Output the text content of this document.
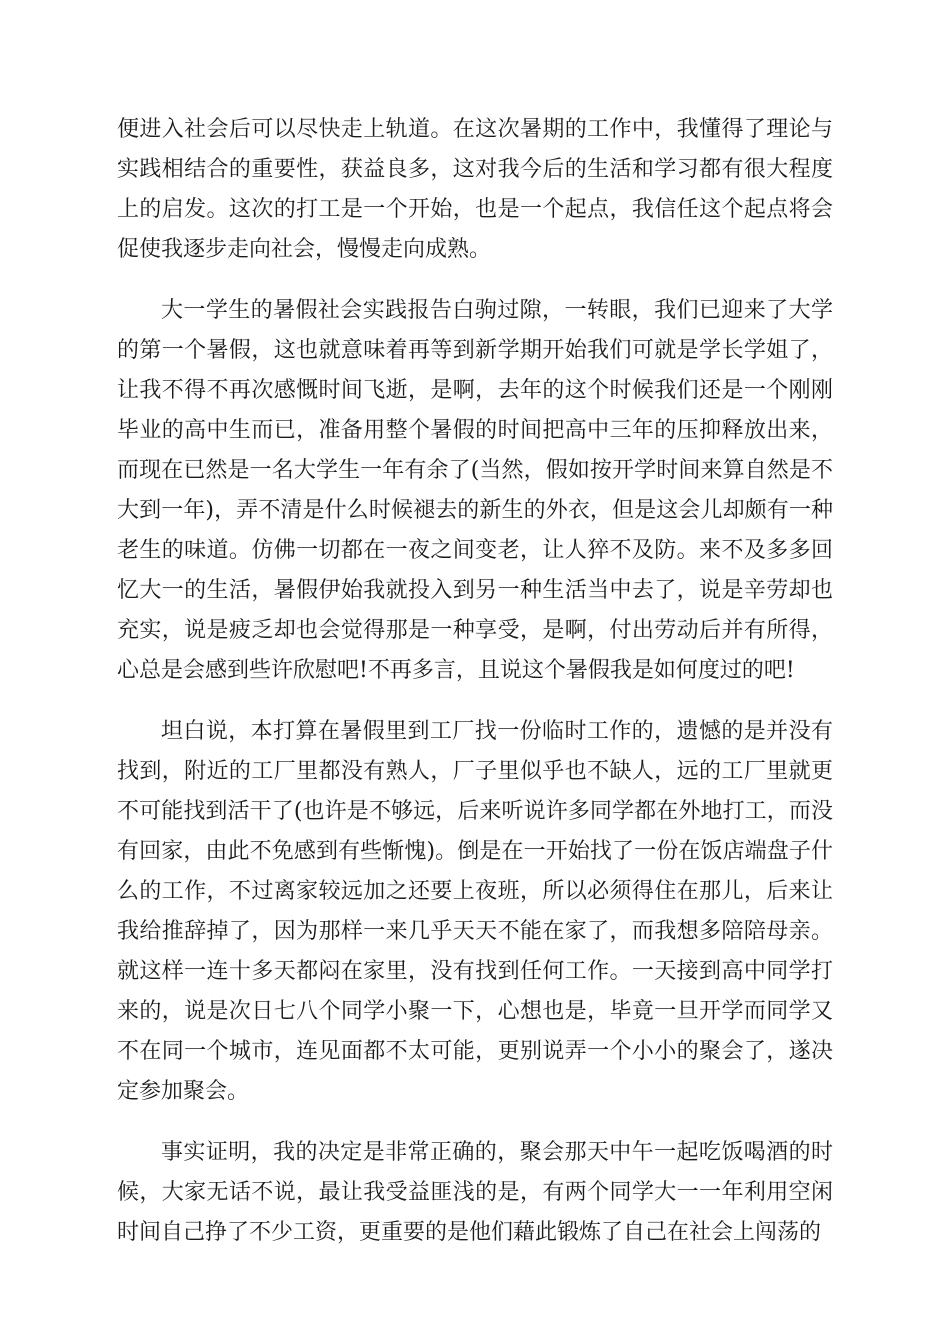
便进入社会后可以尽快走上轨道。在这次暑期的工作中，我懂得了理论与实践相结合的重要性，获益良多，这对我今后的生活和学习都有很大程度上的启发。这次的打工是一个开始，也是一个起点，我信任这个起点将会促使我逐步走向社会，慢慢走向成熟。

大一学生的暑假社会实践报告白驹过隙，一转眼，我们已迎来了大学的第一个暑假，这也就意味着再等到新学期开始我们可就是学长学姐了，让我不得不再次感慨时间飞逝，是啊，去年的这个时候我们还是一个刚刚毕业的高中生而已，准备用整个暑假的时间把高中三年的压抑释放出来，而现在已然是一名大学生一年有余了(当然，假如按开学时间来算自然是不大到一年)，弄不清是什么时候褪去的新生的外衣，但是这会儿却颇有一种老生的味道。仿佛一切都在一夜之间变老，让人猝不及防。来不及多多回忆大一的生活，暑假伊始我就投入到另一种生活当中去了，说是辛劳却也充实，说是疲乏却也会觉得那是一种享受，是啊，付出劳动后并有所得，心总是会感到些许欣慰吧!不再多言，且说这个暑假我是如何度过的吧!

坦白说，本打算在暑假里到工厂找一份临时工作的，遗憾的是并没有找到，附近的工厂里都没有熟人，厂子里似乎也不缺人，远的工厂里就更不可能找到活干了(也许是不够远，后来听说许多同学都在外地打工，而没有回家，由此不免感到有些惭愧)。倒是在一开始找了一份在饭店端盘子什么的工作，不过离家较远加之还要上夜班，所以必须得住在那儿，后来让我给推辞掉了，因为那样一来几乎天天不能在家了，而我想多陪陪母亲。就这样一连十多天都闷在家里，没有找到任何工作。一天接到高中同学打来的，说是次日七八个同学小聚一下，心想也是，毕竟一旦开学而同学又不在同一个城市，连见面都不太可能，更别说弄一个小小的聚会了，遂决定参加聚会。

事实证明，我的决定是非常正确的，聚会那天中午一起吃饭喝酒的时候，大家无话不说，最让我受益匪浅的是，有两个同学大一一年利用空闲时间自己挣了不少工资，更重要的是他们藉此锻炼了自己在社会上闯荡的
